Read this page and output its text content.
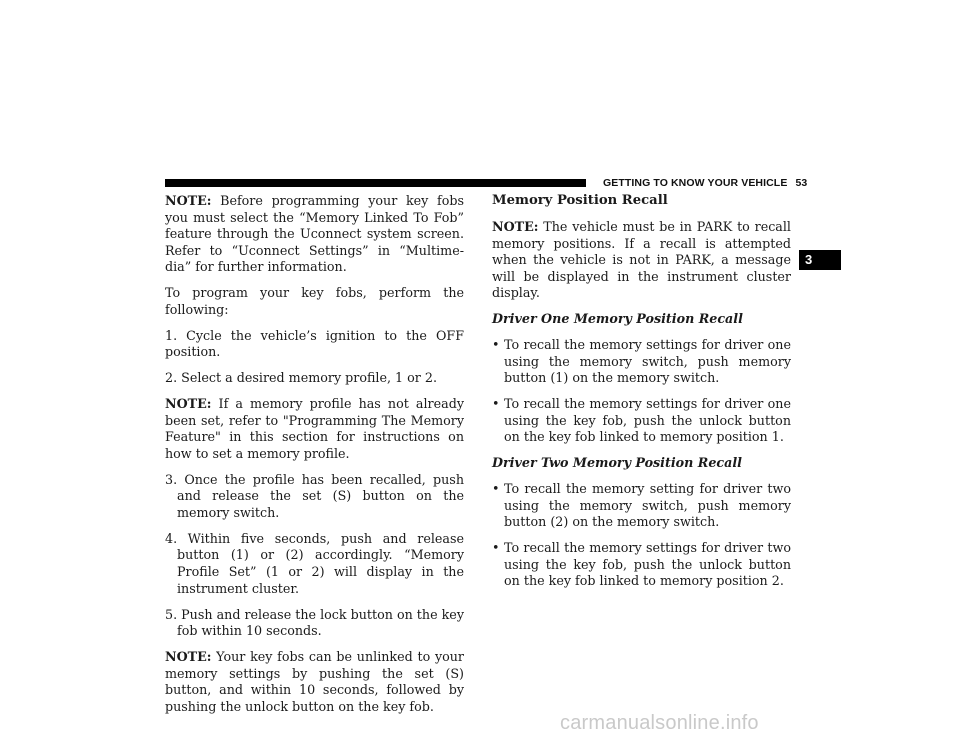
GETTING TO KNOW YOUR VEHICLE 53
3

NOTE: Before programming your key fobs you must select the “Memory Linked To Fob” feature through the Uconnect system screen. Refer to “Uconnect Settings” in “Multime-dia” for further information.

To program your key fobs, perform the following:

1. Cycle the vehicle’s ignition to the OFF position.

2. Select a desired memory profile, 1 or 2.

NOTE: If a memory profile has not already been set, refer to "Programming The Memory Feature" in this section for instructions on how to set a memory profile.

3. Once the profile has been recalled, push and release the set (S) button on the memory switch.
4. Within five seconds, push and release button (1) or (2) accordingly. “Memory Profile Set” (1 or 2) will display in the instrument cluster.
5. Push and release the lock button on the key fob within 10 seconds.

NOTE: Your key fobs can be unlinked to your memory settings by pushing the set (S) button, and within 10 seconds, followed by pushing the unlock button on the key fob.

Memory Position Recall

NOTE: The vehicle must be in PARK to recall memory positions. If a recall is attempted when the vehicle is not in PARK, a message will be displayed in the instrument cluster display.

Driver One Memory Position Recall

• To recall the memory settings for driver one using the memory switch, push memory button (1) on the memory switch.
• To recall the memory settings for driver one using the key fob, push the unlock button on the key fob linked to memory position 1.

Driver Two Memory Position Recall

• To recall the memory setting for driver two using the memory switch, push memory button (2) on the memory switch.
• To recall the memory settings for driver two using the key fob, push the unlock button on the key fob linked to memory position 2.
carmanualsonline.info
